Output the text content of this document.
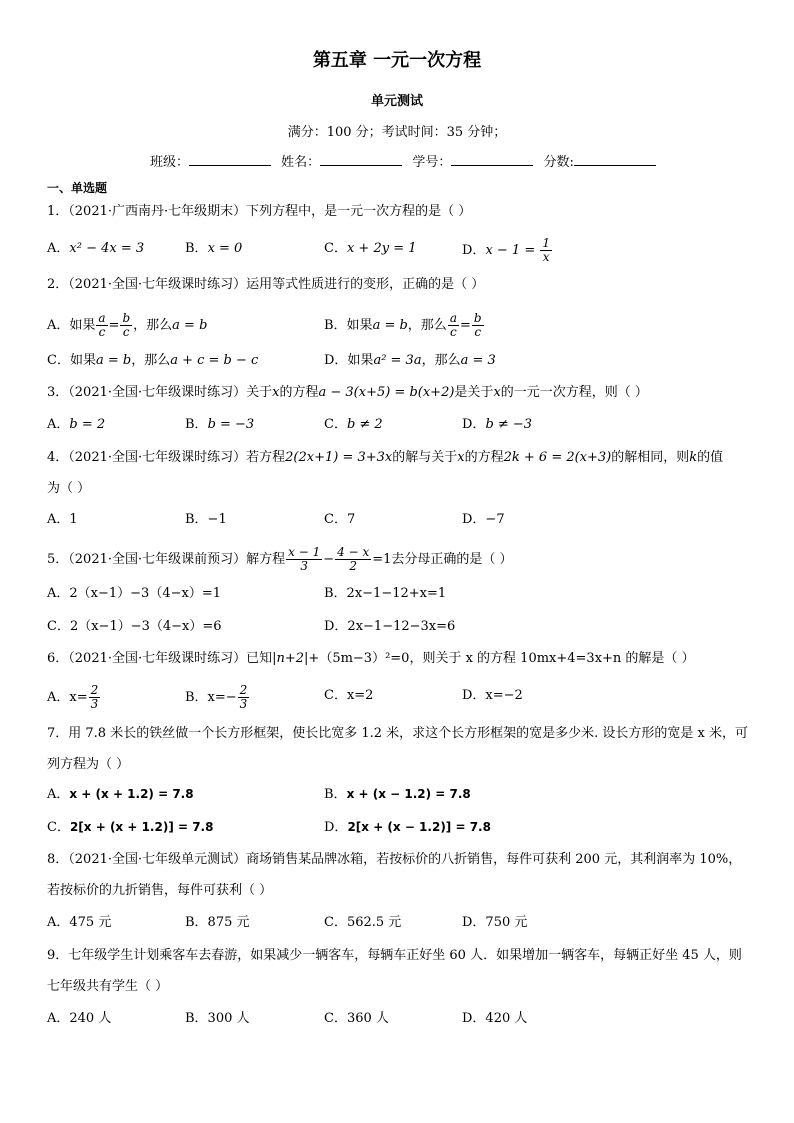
第五章 一元一次方程
单元测试
满分：100 分；考试时间：35 分钟；
班级：	姓名：	学号：	分数:
一、单选题
1．（2021·广西南丹·七年级期末）下列方程中，是一元一次方程的是（ ）
A．x² − 4x = 3	B．x = 0	C．x + 2y = 1	D．$x - 1 = \frac{1}{x}$
2．（2021·全国·七年级课时练习）运用等式性质进行的变形，正确的是（ ）
A．如果 $\frac{a}{c} = \frac{b}{c}$ ，那么a = b	B．如果a = b，那么 $\frac{a}{c} = \frac{b}{c}$
C．如果a = b，那么a + c = b − c	D．如果a² = 3a，那么a = 3
3．（2021·全国·七年级课时练习）关于x的方程a − 3(x+5) = b(x+2)是关于x的一元一次方程，则（ ）
A．b = 2	B．b = −3	C．b ≠ 2	D．b ≠ −3
4．（2021·全国·七年级课时练习）若方程2(2x+1) = 3+3x的解与关于x的方程2k + 6 = 2(x+3)的解相同，则k的值
为（ ）
A．1	B．−1	C．7	D．−7
5．（2021·全国·七年级课前预习）解方程 $\frac{x - 1}{3} - \frac{4 - x}{2} =1$去分母正确的是（ ）
A．2（x−1）−3（4−x）=1	B．2x−1−12+x=1
C．2（x−1）−3（4−x）=6	D．2x−1−12−3x=6
6．（2021·全国·七年级课时练习）已知|n+2|+（5m−3）²=0，则关于 x 的方程 10mx+4=3x+n 的解是（ ）
A．$x= \frac{2}{3}$	B．$x=- \frac{2}{3}$	C．x=2	D．x=−2
7．用 7.8 米长的铁丝做一个长方形框架，使长比宽多 1.2 米，求这个长方形框架的宽是多少米. 设长方形的宽是 x 米，可列方程为（ ）
A．x + (x + 1.2) = 7.8	B．x + (x − 1.2) = 7.8
C．2[x + (x + 1.2)] = 7.8	D．2[x + (x − 1.2)] = 7.8
8．（2021·全国·七年级单元测试）商场销售某品牌冰箱，若按标价的八折销售，每件可获利 200 元，其利润率为 10%，若按标价的九折销售，每件可获利（ ）
A．475 元	B．875 元	C．562.5 元	D．750 元
9．七年级学生计划乘客车去春游，如果减少一辆客车，每辆车正好坐 60 人．如果增加一辆客车，每辆正好坐 45 人，则七年级共有学生（ ）
A．240 人	B．300 人	C．360 人	D．420 人
